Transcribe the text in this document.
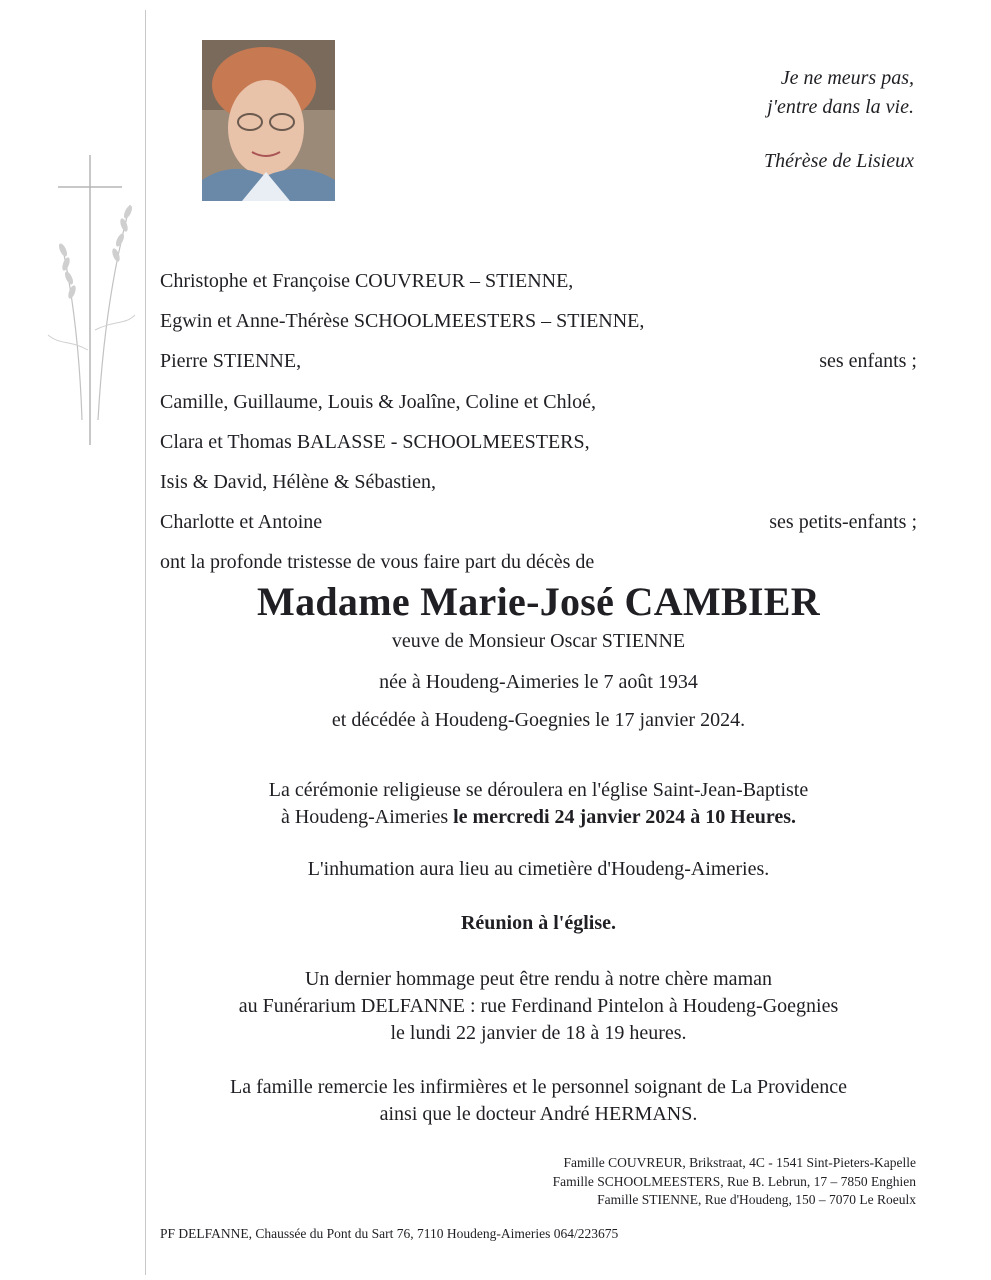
Je ne meurs pas,
j'entre dans la vie.
Thérèse de Lisieux
Christophe et Françoise COUVREUR – STIENNE,
Egwin et Anne-Thérèse SCHOOLMEESTERS – STIENNE,
Pierre STIENNE,	ses enfants ;
Camille, Guillaume, Louis & Joalîne, Coline et Chloé,
Clara et Thomas BALASSE - SCHOOLMEESTERS,
Isis & David, Hélène & Sébastien,
Charlotte et Antoine	ses petits-enfants ;
ont la profonde tristesse de vous faire part du décès de
Madame Marie-José CAMBIER
veuve de Monsieur Oscar STIENNE
née à Houdeng-Aimeries le 7 août 1934
et décédée à Houdeng-Goegnies le 17 janvier 2024.
La cérémonie religieuse se déroulera en l'église Saint-Jean-Baptiste
à Houdeng-Aimeries le mercredi 24 janvier 2024 à 10 Heures.
L'inhumation aura lieu au cimetière d'Houdeng-Aimeries.
Réunion à l'église.
Un dernier hommage peut être rendu à notre chère maman
au Funérarium DELFANNE : rue Ferdinand Pintelon à Houdeng-Goegnies
le lundi 22 janvier de 18 à 19 heures.
La famille remercie les infirmières et le personnel soignant de La Providence
ainsi que le docteur André HERMANS.
Famille COUVREUR, Brikstraat, 4C - 1541 Sint-Pieters-Kapelle
Famille SCHOOLMEESTERS, Rue B. Lebrun, 17 – 7850 Enghien
Famille STIENNE, Rue d'Houdeng, 150 – 7070 Le Roeulx
PF DELFANNE, Chaussée du Pont du Sart 76, 7110 Houdeng-Aimeries 064/223675
